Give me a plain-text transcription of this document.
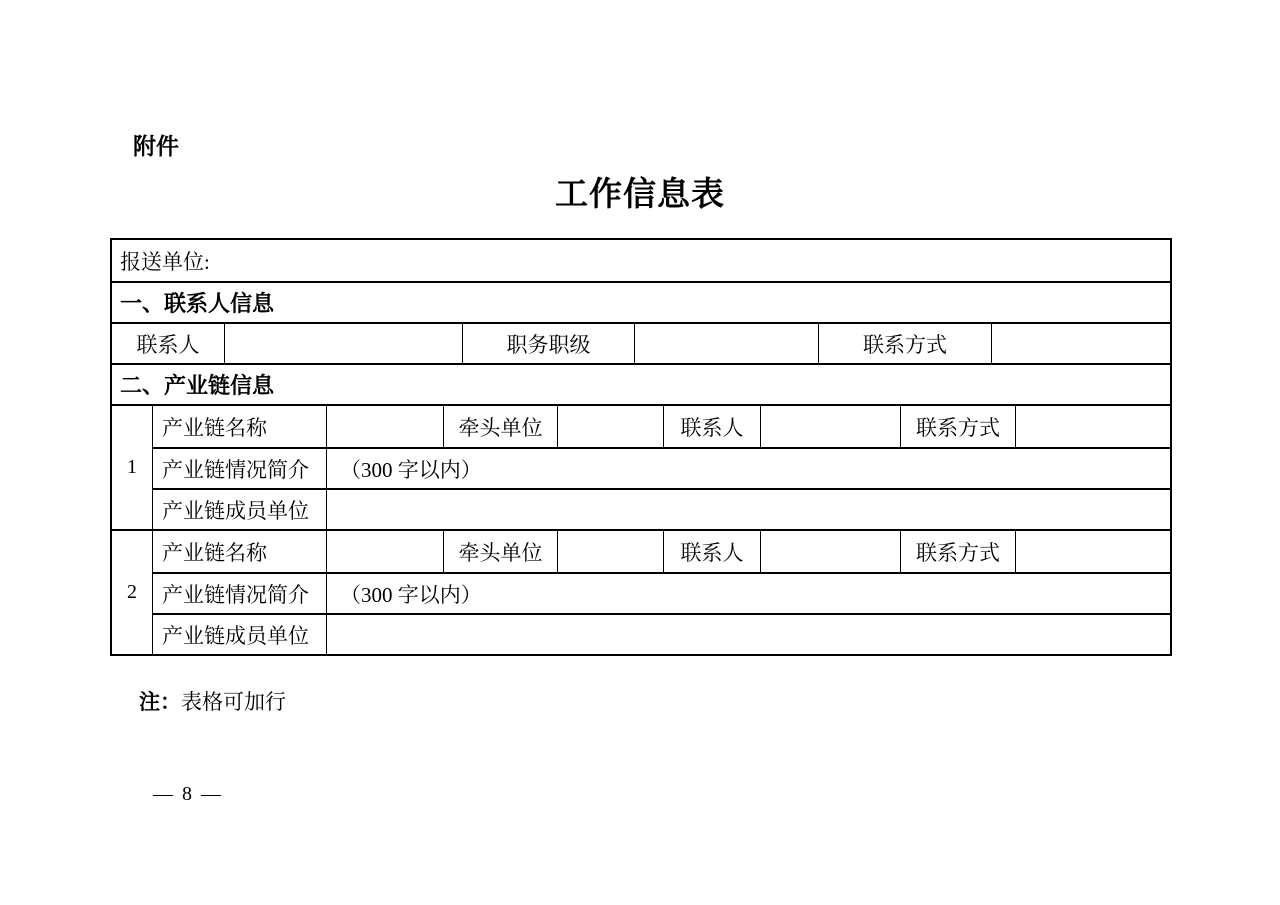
附件
工作信息表
报送单位:
一、联系人信息
联系人	职务职级	联系方式
二、产业链信息
1
产业链名称	牵头单位	联系人	联系方式
产业链情况简介	（300 字以内）
产业链成员单位
2
产业链名称	牵头单位	联系人	联系方式
产业链情况简介	（300 字以内）
产业链成员单位
注：表格可加行
— 8 —
